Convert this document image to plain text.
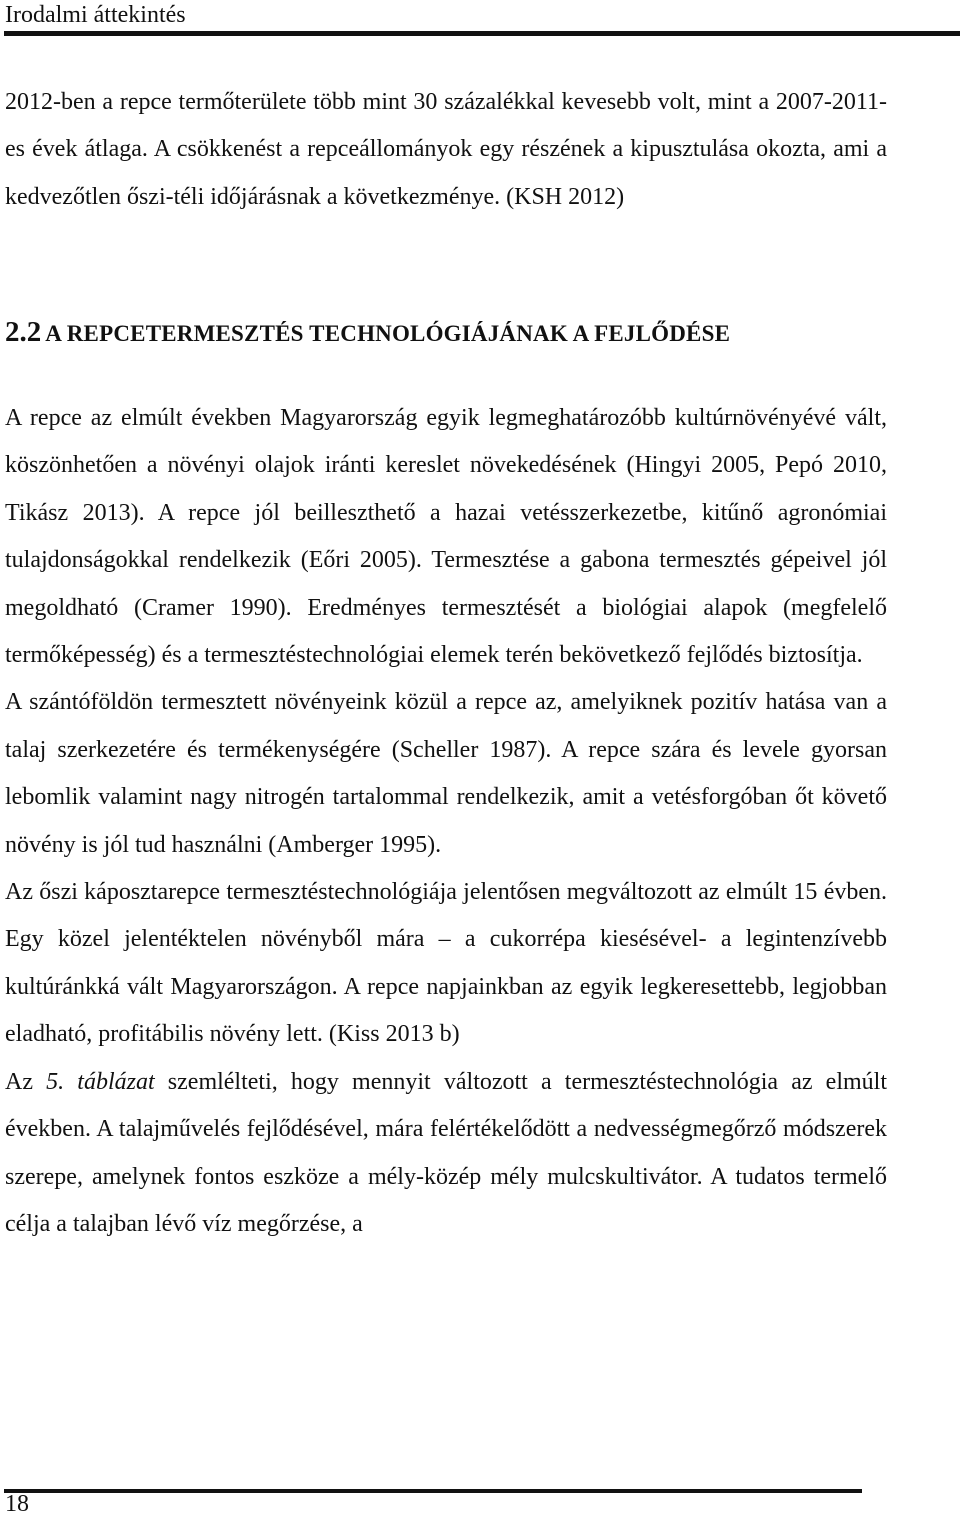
Irodalmi áttekintés

2012-ben a repce termőterülete több mint 30 százalékkal kevesebb volt, mint a 2007-2011-es évek átlaga. A csökkenést a repceállományok egy részének a kipusztulása okozta, ami a kedvezőtlen őszi-téli időjárásnak a következménye. (KSH 2012)

2.2 A REPCETERMESZTÉS TECHNOLÓGIÁJÁNAK A FEJLŐDÉSE

A repce az elmúlt években Magyarország egyik legmeghatározóbb kultúrnövényévé vált, köszönhetően a növényi olajok iránti kereslet növekedésének (Hingyi 2005, Pepó 2010, Tikász 2013). A repce jól beilleszthető a hazai vetésszerkezetbe, kitűnő agronómiai tulajdonságokkal rendelkezik (Eőri 2005). Termesztése a gabona termesztés gépeivel jól megoldható (Cramer 1990). Eredményes termesztését a biológiai alapok (megfelelő termőképesség) és a termesztéstechnológiai elemek terén bekövetkező fejlődés biztosítja.

A szántóföldön termesztett növényeink közül a repce az, amelyiknek pozitív hatása van a talaj szerkezetére és termékenységére (Scheller 1987). A repce szára és levele gyorsan lebomlik valamint nagy nitrogén tartalommal rendelkezik, amit a vetésforgóban őt követő növény is jól tud használni (Amberger 1995).

Az őszi káposztarepce termesztéstechnológiája jelentősen megváltozott az elmúlt 15 évben. Egy közel jelentéktelen növényből mára – a cukorrépa kiesésével- a legintenzívebb kultúránkká vált Magyarországon. A repce napjainkban az egyik legkeresettebb, legjobban eladható, profitábilis növény lett. (Kiss 2013 b)

Az 5. táblázat szemlélteti, hogy mennyit változott a termesztéstechnológia az elmúlt években. A talajművelés fejlődésével, mára felértékelődött a nedvességmegőrző módszerek szerepe, amelynek fontos eszköze a mély-közép mély mulcskultivátor. A tudatos termelő célja a talajban lévő víz megőrzése, a

18
